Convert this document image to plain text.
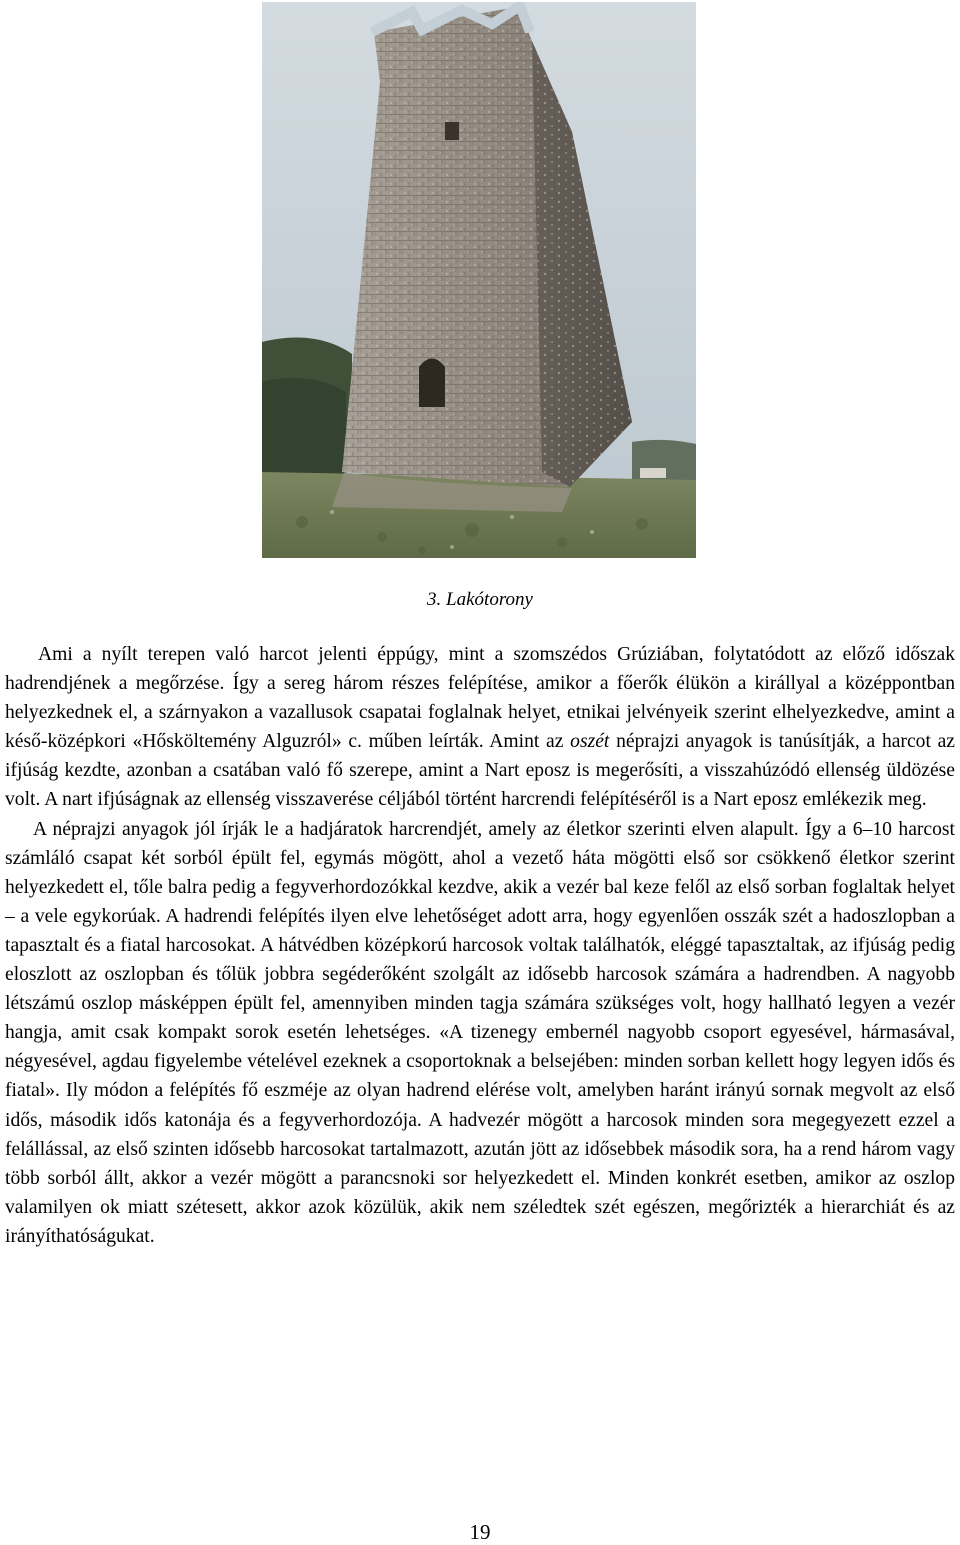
3. Lakótorony

Ami a nyílt terepen való harcot jelenti éppúgy, mint a szomszédos Grúziában, folytatódott az előző időszak hadrendjének a megőrzése. Így a sereg három részes felépítése, amikor a főerők élükön a királlyal a középpontban helyezkednek el, a szárnyakon a vazallusok csapatai foglalnak helyet, etnikai jelvényeik szerint elhelyezkedve, amint a késő-középkori «Hősköltemény Alguzról» c. műben leírták. Amint az oszét néprajzi anyagok is tanúsítják, a harcot az ifjúság kezdte, azonban a csatában való fő szerepe, amint a Nart eposz is megerősíti, a visszahúzódó ellenség üldözése volt. A nart ifjúságnak az ellenség visszaverése céljából történt harcrendi felépítéséről is a Nart eposz emlékezik meg.

A néprajzi anyagok jól írják le a hadjáratok harcrendjét, amely az életkor szerinti elven alapult. Így a 6–10 harcost számláló csapat két sorból épült fel, egymás mögött, ahol a vezető háta mögötti első sor csökkenő életkor szerint helyezkedett el, tőle balra pedig a fegyverhordozókkal kezdve, akik a vezér bal keze felől az első sorban foglaltak helyet – a vele egykorúak. A hadrendi felépítés ilyen elve lehetőséget adott arra, hogy egyenlően osszák szét a hadoszlopban a tapasztalt és a fiatal harcosokat. A hátvédben középkorú harcosok voltak találhatók, eléggé tapasztaltak, az ifjúság pedig eloszlott az oszlopban és tőlük jobbra segéderőként szolgált az idősebb harcosok számára a hadrendben. A nagyobb létszámú oszlop másképpen épült fel, amennyiben minden tagja számára szükséges volt, hogy hallható legyen a vezér hangja, amit csak kompakt sorok esetén lehetséges. «A tizenegy embernél nagyobb csoport egyesével, hármasával, négyesével, agdau figyelembe vételével ezeknek a csoportoknak a belsejében: minden sorban kellett hogy legyen idős és fiatal». Ily módon a felépítés fő eszméje az olyan hadrend elérése volt, amelyben haránt irányú sornak megvolt az első idős, második idős katonája és a fegyverhordozója. A hadvezér mögött a harcosok minden sora megegyezett ezzel a felállással, az első szinten idősebb harcosokat tartalmazott, azután jött az idősebbek második sora, ha a rend három vagy több sorból állt, akkor a vezér mögött a parancsnoki sor helyezkedett el. Minden konkrét esetben, amikor az oszlop valamilyen ok miatt szétesett, akkor azok közülük, akik nem széledtek szét egészen, megőrizték a hierarchiát és az irányíthatóságukat.

19
